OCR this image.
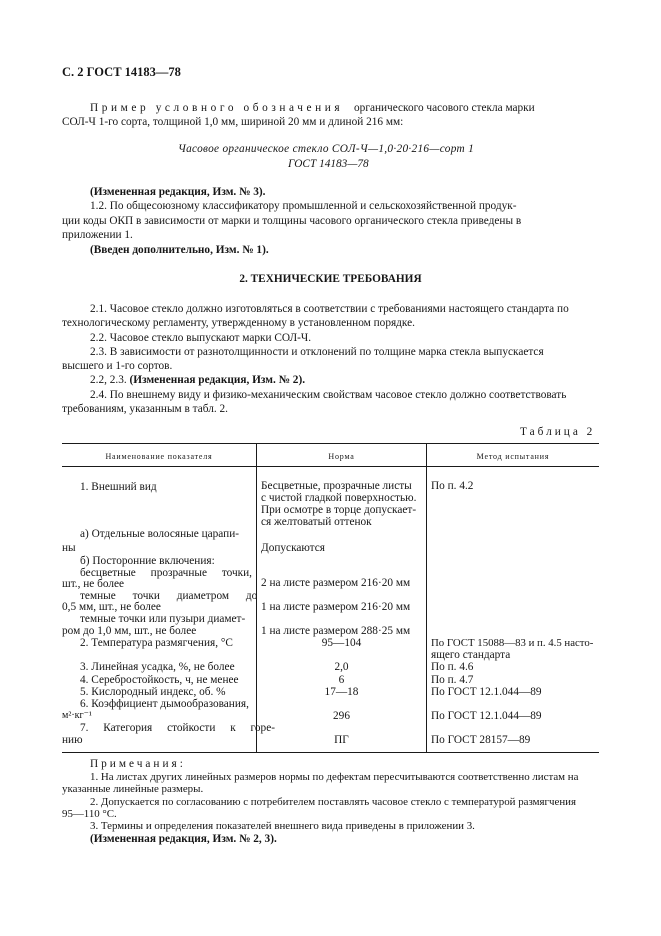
С. 2 ГОСТ 14183—78
Пример условного обозначения органического часового стекла марки
СОЛ-Ч 1-го сорта, толщиной 1,0 мм, шириной 20 мм и длиной 216 мм:
Часовое органическое стекло СОЛ-Ч—1,0·20·216—сорт 1
ГОСТ 14183—78
(Измененная редакция, Изм. № 3).
1.2. По общесоюзному классификатору промышленной и сельскохозяйственной продук-
ции коды ОКП в зависимости от марки и толщины часового органического стекла приведены в
приложении 1.
(Введен дополнительно, Изм. № 1).
2. ТЕХНИЧЕСКИЕ ТРЕБОВАНИЯ
2.1. Часовое стекло должно изготовляться в соответствии с требованиями настоящего стандарта по
технологическому регламенту, утвержденному в установленном порядке.
2.2. Часовое стекло выпускают марки СОЛ-Ч.
2.3. В зависимости от разнотолщинности и отклонений по толщине марка стекла выпускается
высшего и 1-го сортов.
2.2, 2.3. (Измененная редакция, Изм. № 2).
2.4. По внешнему виду и физико-механическим свойствам часовое стекло должно соответствовать
требованиям, указанным в табл. 2.
Таблица 2
Наименование показателя	Норма	Метод испытания
1. Внешний вид
а) Отдельные волосяные царапи-
ны
б) Посторонние включения:
бесцветные прозрачные точки,
шт., не более
темные точки диаметром до
0,5 мм, шт., не более
темные точки или пузыри диамет-
ром до 1,0 мм, шт., не более
2. Температура размягчения, °С
3. Линейная усадка, %, не более
4. Серебростойкость, ч, не менее
5. Кислородный индекс, об. %
6. Коэффициент дымообразования,
м²·кг⁻¹
7. Категория стойкости к горе-
нию
Бесцветные, прозрачные листы
с чистой гладкой поверхностью.
При осмотре в торце допускает-
ся желтоватый оттенок
Допускаются
2 на листе размером 216·20 мм
1 на листе размером 216·20 мм
1 на листе размером 288·25 мм
95—104
2,0
6
17—18
296
ПГ
По п. 4.2
По ГОСТ 15088—83 и п. 4.5 насто-
ящего стандарта
По п. 4.6
По п. 4.7
По ГОСТ 12.1.044—89
По ГОСТ 12.1.044—89
По ГОСТ 28157—89
Примечания:
1. На листах других линейных размеров нормы по дефектам пересчитываются соответственно листам на
указанные линейные размеры.
2. Допускается по согласованию с потребителем поставлять часовое стекло с температурой размягчения
95—110 °С.
3. Термины и определения показателей внешнего вида приведены в приложении 3.
(Измененная редакция, Изм. № 2, 3).
